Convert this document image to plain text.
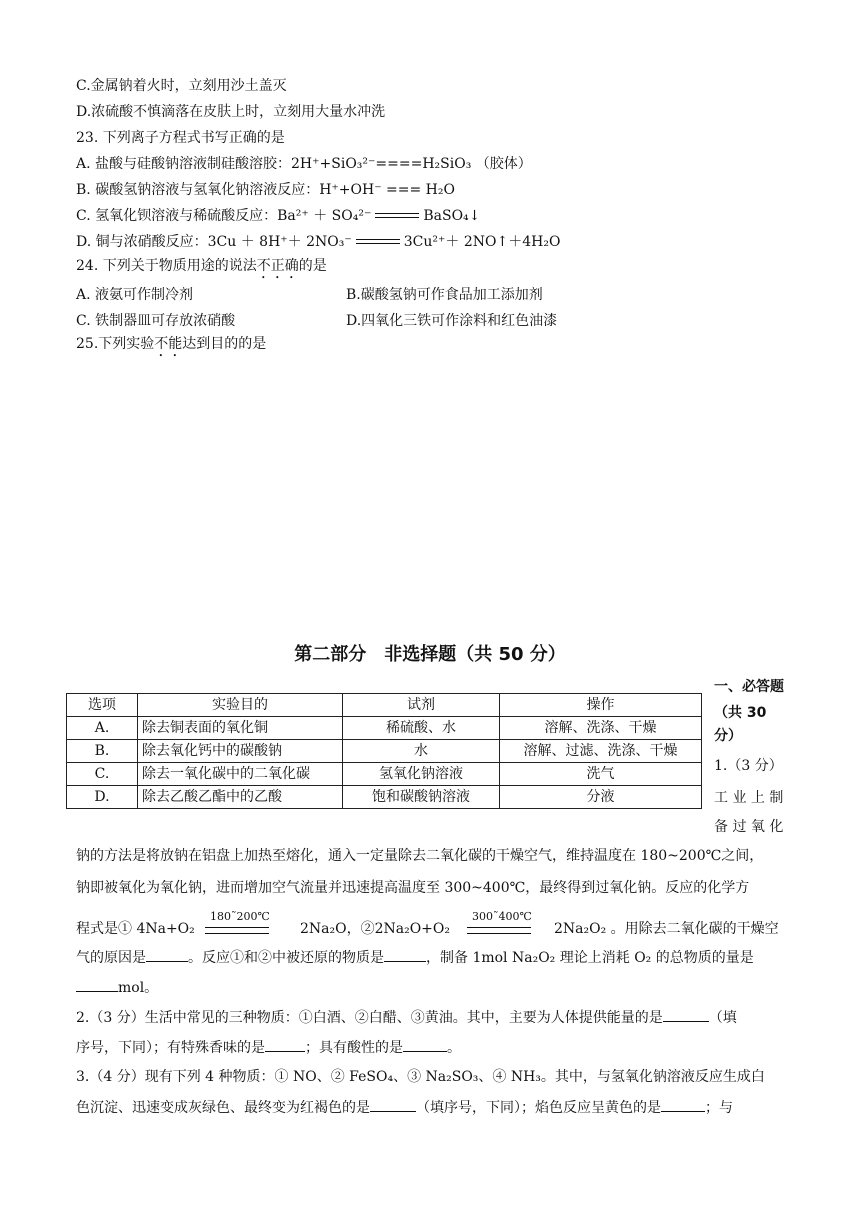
C.金属钠着火时，立刻用沙土盖灭
D.浓硫酸不慎滴落在皮肤上时，立刻用大量水冲洗
23. 下列离子方程式书写正确的是
A. 盐酸与硅酸钠溶液制硅酸溶胶：2H⁺+SiO₃²⁻====H₂SiO₃ （胶体）
B. 碳酸氢钠溶液与氢氧化钠溶液反应：H⁺+OH⁻ === H₂O
C. 氢氧化钡溶液与稀硫酸反应：Ba²⁺ ＋ SO₄²⁻	BaSO₄↓
D. 铜与浓硝酸反应：3Cu ＋ 8H⁺＋ 2NO₃⁻	3Cu²⁺＋ 2NO↑＋4H₂O
24. 下列关于物质用途的说法不正确的是
A. 液氨可作制冷剂	B.碳酸氢钠可作食品加工添加剂
C. 铁制器皿可存放浓硝酸	D.四氧化三铁可作涂料和红色油漆
25.下列实验不能达到目的的是
第二部分　非选择题（共 50 分）
选项	实验目的	试剂	操作
A.	除去铜表面的氧化铜	稀硫酸、水	溶解、洗涤、干燥
B.	除去氧化钙中的碳酸钠	水	溶解、过滤、洗涤、干燥
C.	除去一氧化碳中的二氧化碳	氢氧化钠溶液	洗气
D.	除去乙酸乙酯中的乙酸	饱和碳酸钠溶液	分液
一、必答题
（共 30
分）
1.（3 分）
工 业 上 制
备 过 氧 化
钠的方法是将放钠在铝盘上加热至熔化，通入一定量除去二氧化碳的干燥空气，维持温度在 180~200℃之间，
钠即被氧化为氧化钠，进而增加空气流量并迅速提高温度至 300~400℃，最终得到过氧化钠。反应的化学方
程式是① 4Na+O₂
180˜200℃
2Na₂O，②2Na₂O+O₂
300˜400℃
2Na₂O₂ 。用除去二氧化碳的干燥空
气的原因是	。反应①和②中被还原的物质是	，制备 1mol Na₂O₂ 理论上消耗 O₂ 的总物质的量是
mol。
2.（3 分）生活中常见的三种物质：①白酒、②白醋、③黄油。其中，主要为人体提供能量的是	（填
序号，下同）；有特殊香味的是	；具有酸性的是	。
3.（4 分）现有下列 4 种物质：① NO、② FeSO₄、③ Na₂SO₃、④ NH₃。其中，与氢氧化钠溶液反应生成白
色沉淀、迅速变成灰绿色、最终变为红褐色的是	（填序号，下同）；焰色反应呈黄色的是	；与
